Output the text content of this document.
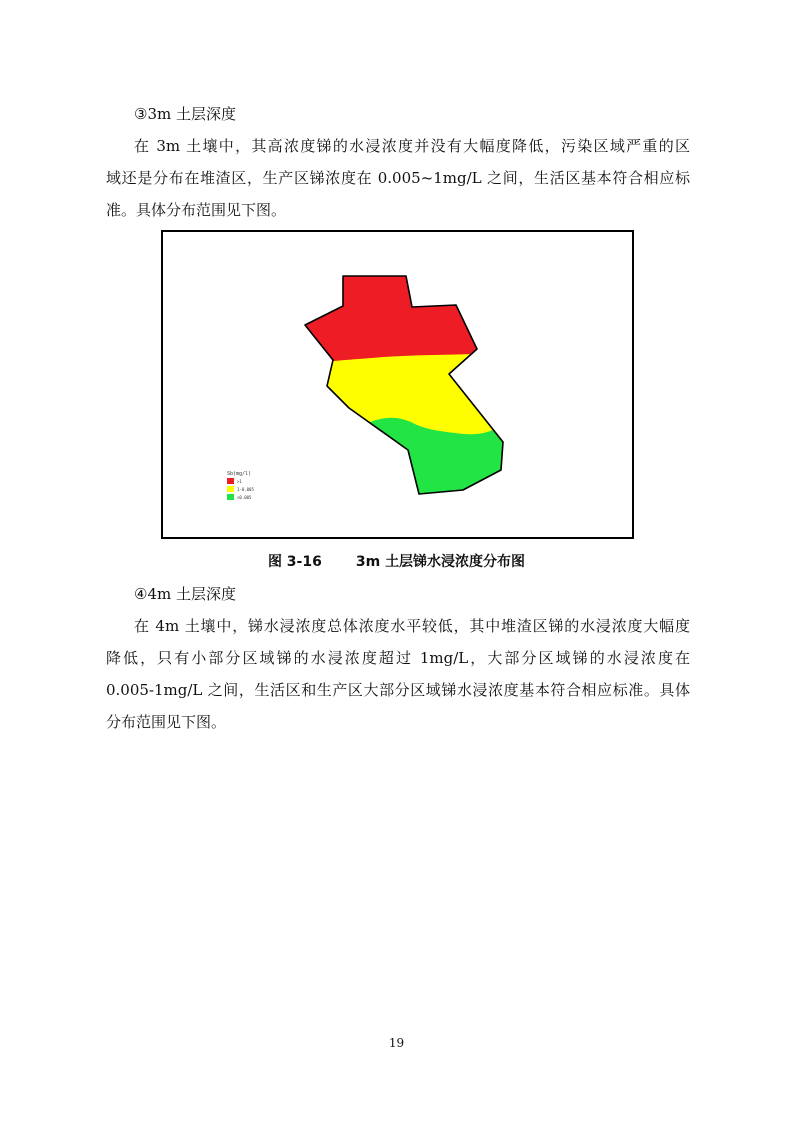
③3m 土层深度
在 3m 土壤中，其高浓度锑的水浸浓度并没有大幅度降低，污染区域严重的区
域还是分布在堆渣区，生产区锑浓度在 0.005~1mg/L 之间，生活区基本符合相应标
准。具体分布范围见下图。
Sb(mg/l)
>1
1-0.005
<0.005
图 3-16 3m 土层锑水浸浓度分布图
④4m 土层深度
在 4m 土壤中，锑水浸浓度总体浓度水平较低，其中堆渣区锑的水浸浓度大幅度
降低，只有小部分区域锑的水浸浓度超过 1mg/L，大部分区域锑的水浸浓度在
0.005-1mg/L 之间，生活区和生产区大部分区域锑水浸浓度基本符合相应标准。具体
分布范围见下图。
19
